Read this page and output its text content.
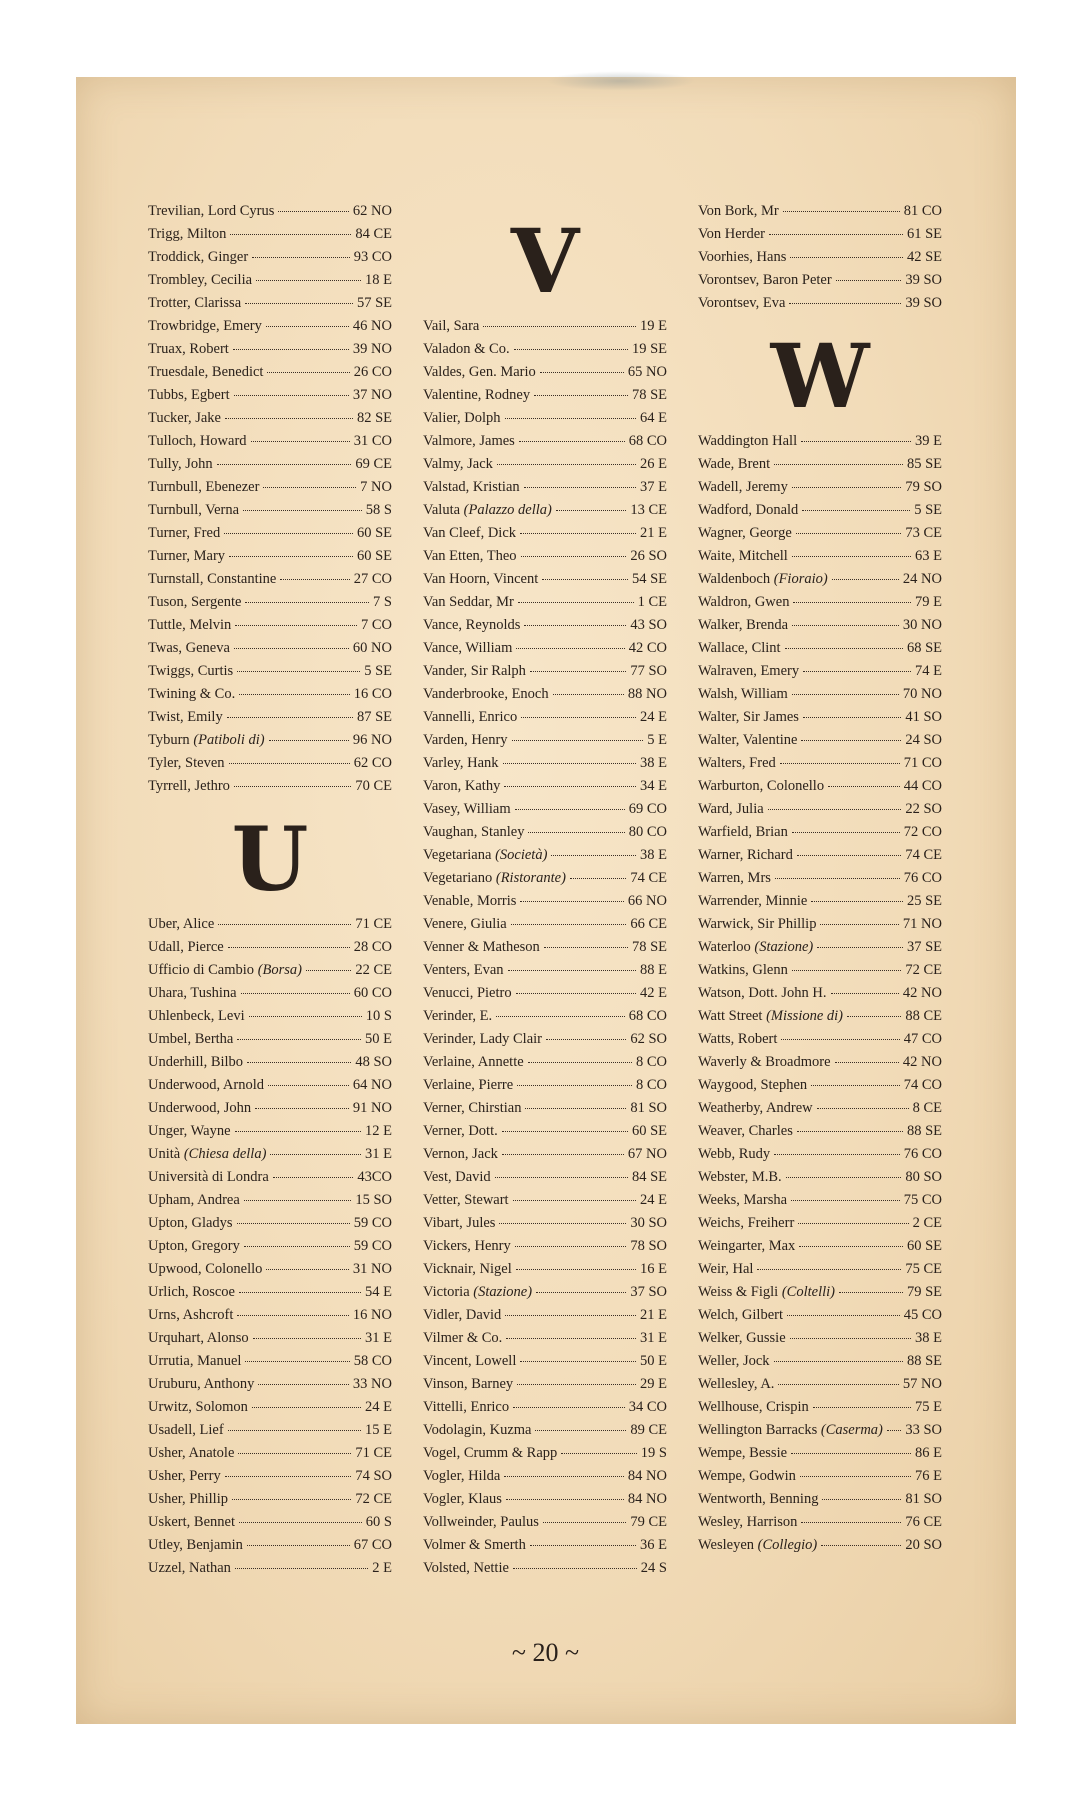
Trevilian, Lord Cyrus	62 NO
Trigg, Milton	84 CE
Troddick, Ginger	93 CO
Trombley, Cecilia	18 E
Trotter, Clarissa	57 SE
Trowbridge, Emery	46 NO
Truax, Robert	39 NO
Truesdale, Benedict	26 CO
Tubbs, Egbert	37 NO
Tucker, Jake	82 SE
Tulloch, Howard	31 CO
Tully, John	69 CE
Turnbull, Ebenezer	7 NO
Turnbull, Verna	58 S
Turner, Fred	60 SE
Turner, Mary	60 SE
Turnstall, Constantine	27 CO
Tuson, Sergente	7 S
Tuttle, Melvin	7 CO
Twas, Geneva	60 NO
Twiggs, Curtis	5 SE
Twining & Co.	16 CO
Twist, Emily	87 SE
Tyburn (Patiboli di)	96 NO
Tyler, Steven	62 CO
Tyrrell, Jethro	70 CE
U
Uber, Alice	71 CE
Udall, Pierce	28 CO
Ufficio di Cambio (Borsa)	22 CE
Uhara, Tushina	60 CO
Uhlenbeck, Levi	10 S
Umbel, Bertha	50 E
Underhill, Bilbo	48 SO
Underwood, Arnold	64 NO
Underwood, John	91 NO
Unger, Wayne	12 E
Unità (Chiesa della)	31 E
Università di Londra	43CO
Upham, Andrea	15 SO
Upton, Gladys	59 CO
Upton, Gregory	59 CO
Upwood, Colonello	31 NO
Urlich, Roscoe	54 E
Urns, Ashcroft	16 NO
Urquhart, Alonso	31 E
Urrutia, Manuel	58 CO
Uruburu, Anthony	33 NO
Urwitz, Solomon	24 E
Usadell, Lief	15 E
Usher, Anatole	71 CE
Usher, Perry	74 SO
Usher, Phillip	72 CE
Uskert, Bennet	60 S
Utley, Benjamin	67 CO
Uzzel, Nathan	2 E
V
Vail, Sara	19 E
Valadon & Co.	19 SE
Valdes, Gen. Mario	65 NO
Valentine, Rodney	78 SE
Valier, Dolph	64 E
Valmore, James	68 CO
Valmy, Jack	26 E
Valstad, Kristian	37 E
Valuta (Palazzo della)	13 CE
Van Cleef, Dick	21 E
Van Etten, Theo	26 SO
Van Hoorn, Vincent	54 SE
Van Seddar, Mr	1 CE
Vance, Reynolds	43 SO
Vance, William	42 CO
Vander, Sir Ralph	77 SO
Vanderbrooke, Enoch	88 NO
Vannelli, Enrico	24 E
Varden, Henry	5 E
Varley, Hank	38 E
Varon, Kathy	34 E
Vasey, William	69 CO
Vaughan, Stanley	80 CO
Vegetariana (Società)	38 E
Vegetariano (Ristorante)	74 CE
Venable, Morris	66 NO
Venere, Giulia	66 CE
Venner & Matheson	78 SE
Venters, Evan	88 E
Venucci, Pietro	42 E
Verinder, E.	68 CO
Verinder, Lady Clair	62 SO
Verlaine, Annette	8 CO
Verlaine, Pierre	8 CO
Verner, Chirstian	81 SO
Verner, Dott.	60 SE
Vernon, Jack	67 NO
Vest, David	84 SE
Vetter, Stewart	24 E
Vibart, Jules	30 SO
Vickers, Henry	78 SO
Vicknair, Nigel	16 E
Victoria (Stazione)	37 SO
Vidler, David	21 E
Vilmer & Co.	31 E
Vincent, Lowell	50 E
Vinson, Barney	29 E
Vittelli, Enrico	34 CO
Vodolagin, Kuzma	89 CE
Vogel, Crumm & Rapp	19 S
Vogler, Hilda	84 NO
Vogler, Klaus	84 NO
Vollweinder, Paulus	79 CE
Volmer & Smerth	36 E
Volsted, Nettie	24 S
Von Bork, Mr	81 CO
Von Herder	61 SE
Voorhies, Hans	42 SE
Vorontsev, Baron Peter	39 SO
Vorontsev, Eva	39 SO
W
Waddington Hall	39 E
Wade, Brent	85 SE
Wadell, Jeremy	79 SO
Wadford, Donald	5 SE
Wagner, George	73 CE
Waite, Mitchell	63 E
Waldenboch (Fioraio)	24 NO
Waldron, Gwen	79 E
Walker, Brenda	30 NO
Wallace, Clint	68 SE
Walraven, Emery	74 E
Walsh, William	70 NO
Walter, Sir James	41 SO
Walter, Valentine	24 SO
Walters, Fred	71 CO
Warburton, Colonello	44 CO
Ward, Julia	22 SO
Warfield, Brian	72 CO
Warner, Richard	74 CE
Warren, Mrs	76 CO
Warrender, Minnie	25 SE
Warwick, Sir Phillip	71 NO
Waterloo (Stazione)	37 SE
Watkins, Glenn	72 CE
Watson, Dott. John H.	42 NO
Watt Street (Missione di)	88 CE
Watts, Robert	47 CO
Waverly & Broadmore	42 NO
Waygood, Stephen	74 CO
Weatherby, Andrew	8 CE
Weaver, Charles	88 SE
Webb, Rudy	76 CO
Webster, M.B.	80 SO
Weeks, Marsha	75 CO
Weichs, Freiherr	2 CE
Weingarter, Max	60 SE
Weir, Hal	75 CE
Weiss & Figli (Coltelli)	79 SE
Welch, Gilbert	45 CO
Welker, Gussie	38 E
Weller, Jock	88 SE
Wellesley, A.	57 NO
Wellhouse, Crispin	75 E
Wellington Barracks (Caserma) 33 SO
Wempe, Bessie	86 E
Wempe, Godwin	76 E
Wentworth, Benning	81 SO
Wesley, Harrison	76 CE
Wesleyen (Collegio)	20 SO
~ 20 ~
